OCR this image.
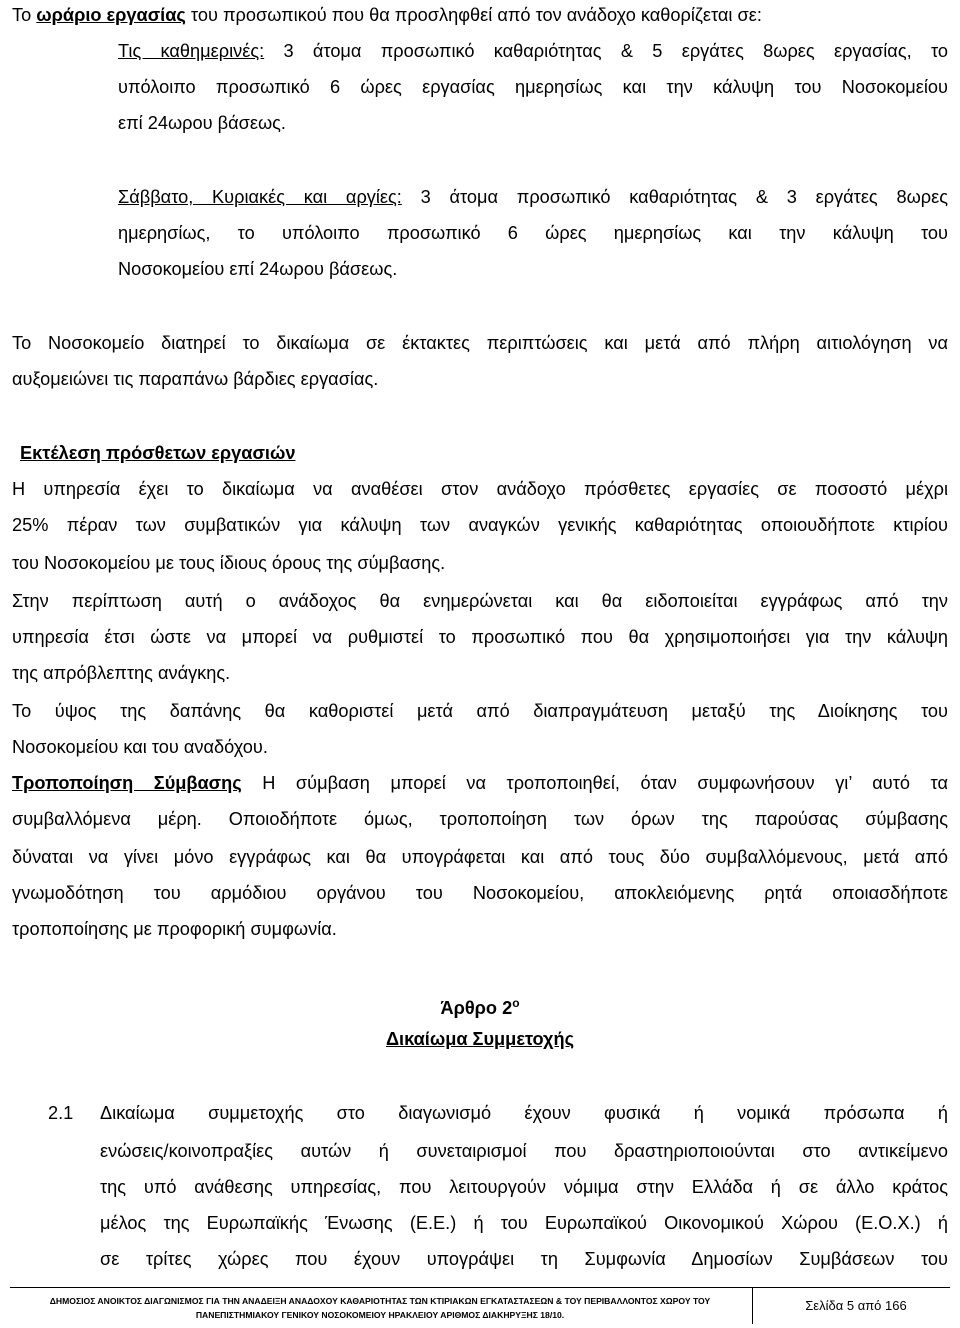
Το ωράριο εργασίας του προσωπικού που θα προσληφθεί από τον ανάδοχο καθορίζεται σε:
Τις καθημερινές: 3 άτομα προσωπικό καθαριότητας & 5 εργάτες 8ωρες εργασίας, το
υπόλοιπο προσωπικό 6 ώρες εργασίας ημερησίως και την κάλυψη του Νοσοκομείου
επί 24ωρου βάσεως.
Σάββατο, Κυριακές και αργίες: 3 άτομα προσωπικό καθαριότητας & 3 εργάτες 8ωρες
ημερησίως, το υπόλοιπο προσωπικό 6 ώρες ημερησίως και την κάλυψη του
Νοσοκομείου επί 24ωρου βάσεως.
Το Νοσοκομείο διατηρεί το δικαίωμα σε έκτακτες περιπτώσεις και μετά από πλήρη αιτιολόγηση να
αυξομειώνει τις παραπάνω βάρδιες εργασίας.
Εκτέλεση πρόσθετων εργασιών
Η υπηρεσία έχει το δικαίωμα να αναθέσει στον ανάδοχο πρόσθετες εργασίες σε ποσοστό μέχρι
25% πέραν των συμβατικών για κάλυψη των αναγκών γενικής καθαριότητας οποιουδήποτε κτιρίου
του Νοσοκομείου με τους ίδιους όρους της σύμβασης.
Στην περίπτωση αυτή ο ανάδοχος θα ενημερώνεται και θα ειδοποιείται εγγράφως από την
υπηρεσία έτσι ώστε να μπορεί να ρυθμιστεί το προσωπικό που θα χρησιμοποιήσει για την κάλυψη
της απρόβλεπτης ανάγκης.
Το ύψος της δαπάνης θα καθοριστεί μετά από διαπραγμάτευση μεταξύ της Διοίκησης του
Νοσοκομείου και του αναδόχου.
Τροποποίηση Σύμβασης Η σύμβαση μπορεί να τροποποιηθεί, όταν συμφωνήσουν γι’ αυτό τα
συμβαλλόμενα μέρη. Οποιοδήποτε όμως, τροποποίηση των όρων της παρούσας σύμβασης
δύναται να γίνει μόνο εγγράφως και θα υπογράφεται και από τους δύο συμβαλλόμενους, μετά από
γνωμοδότηση του αρμόδιου οργάνου του Νοσοκομείου, αποκλειόμενης ρητά οποιασδήποτε
τροποποίησης με προφορική συμφωνία.
Άρθρο $2^o$
Δικαίωμα Συμμετοχής
2.1 Δικαίωμα συμμετοχής στο διαγωνισμό έχουν φυσικά ή νομικά πρόσωπα ή
ενώσεις/κοινοπραξίες αυτών ή συνεταιρισμοί που δραστηριοποιούνται στο αντικείμενο
της υπό ανάθεσης υπηρεσίας, που λειτουργούν νόμιμα στην Ελλάδα ή σε άλλο κράτος
μέλος της Ευρωπαϊκής Ένωσης (Ε.Ε.) ή του Ευρωπαϊκού Οικονομικού Χώρου (Ε.Ο.Χ.) ή
σε τρίτες χώρες που έχουν υπογράψει τη Συμφωνία Δημοσίων Συμβάσεων του
ΔΗΜΟΣΙΟΣ ΑΝΟΙΚΤΟΣ ΔΙΑΓΩΝΙΣΜΟΣ ΓΙΑ ΤΗΝ ΑΝΑΔΕΙΞΗ ΑΝΑΔΟΧΟΥ ΚΑΘΑΡΙΟΤΗΤΑΣ ΤΩΝ ΚΤΙΡΙΑΚΩΝ ΕΓΚΑΤΑΣΤΑΣΕΩΝ & ΤΟΥ ΠΕΡΙΒΑΛΛΟΝΤΟΣ ΧΩΡΟΥ ΤΟΥ
ΠΑΝΕΠΙΣΤΗΜΙΑΚΟΥ ΓΕΝΙΚΟΥ ΝΟΣΟΚΟΜΕΙΟΥ ΗΡΑΚΛΕΙΟΥ ΑΡΙΘΜΟΣ ΔΙΑΚΗΡΥΞΗΣ 18/10.
Σελίδα 5 από 166
